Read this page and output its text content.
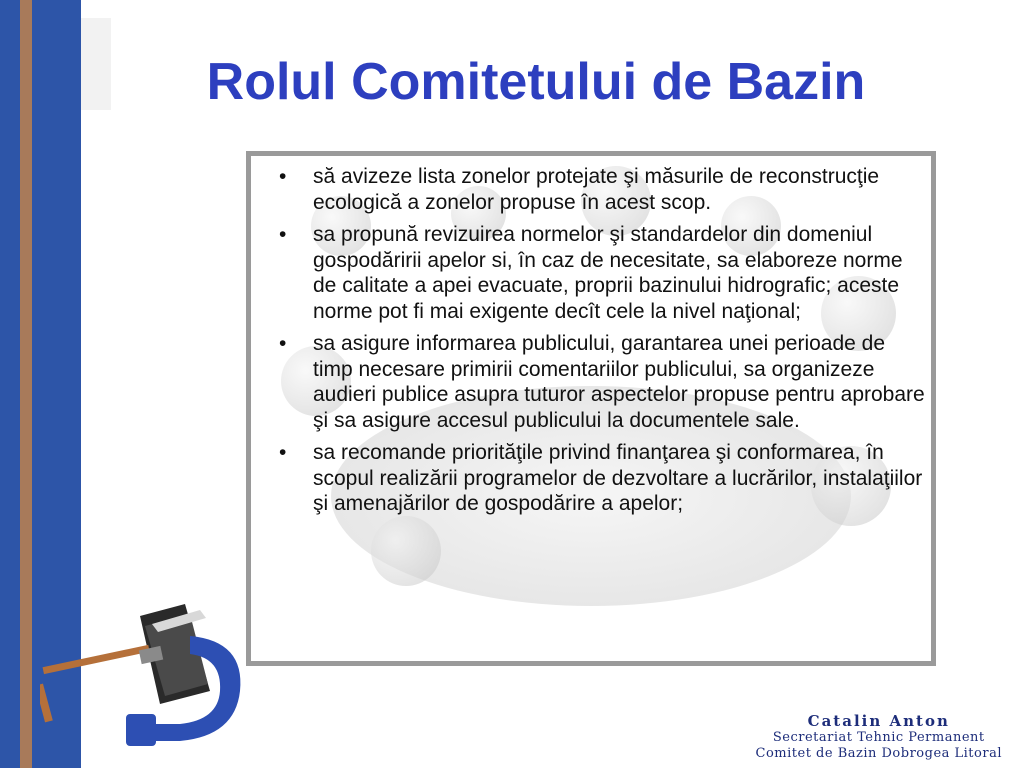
Rolul Comitetului de Bazin
• să avizeze lista zonelor protejate şi măsurile de reconstrucţie ecologică a zonelor propuse în acest scop.
• sa propună revizuirea normelor şi standardelor din domeniul gospodăririi apelor si, în caz de necesitate, sa elaboreze norme de calitate a apei evacuate, proprii bazinului hidrografic; aceste norme pot fi mai exigente decît cele la nivel naţional;
• sa asigure informarea publicului, garantarea unei perioade de timp necesare primirii comentariilor publicului, sa organizeze audieri publice asupra tuturor aspectelor propuse pentru aprobare şi sa asigure accesul publicului la documentele sale.
• sa recomande priorităţile privind finanţarea şi conformarea, în scopul realizării programelor de dezvoltare a lucrărilor, instalaţiilor şi amenajărilor de gospodărire a apelor;
Catalin Anton
Secretariat Tehnic Permanent
Comitet de Bazin Dobrogea Litoral
